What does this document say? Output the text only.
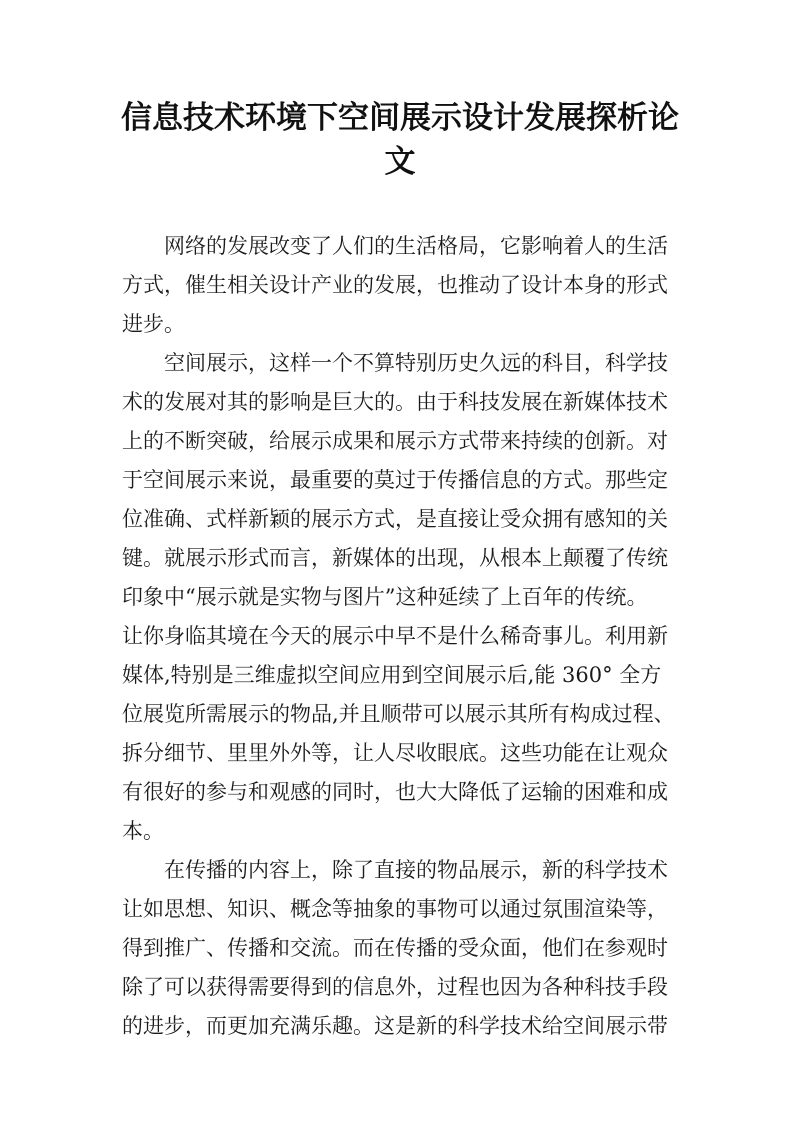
信息技术环境下空间展示设计发展探析论
文

网络的发展改变了人们的生活格局，它影响着人的生活
方式，催生相关设计产业的发展，也推动了设计本身的形式
进步。

空间展示，这样一个不算特别历史久远的科目，科学技
术的发展对其的影响是巨大的。由于科技发展在新媒体技术
上的不断突破，给展示成果和展示方式带来持续的创新。对
于空间展示来说，最重要的莫过于传播信息的方式。那些定
位准确、式样新颖的展示方式，是直接让受众拥有感知的关
键。就展示形式而言，新媒体的出现，从根本上颠覆了传统
印象中“展示就是实物与图片”这种延续了上百年的传统。
让你身临其境在今天的展示中早不是什么稀奇事儿。利用新
媒体,特别是三维虚拟空间应用到空间展示后,能 360° 全方
位展览所需展示的物品,并且顺带可以展示其所有构成过程、
拆分细节、里里外外等，让人尽收眼底。这些功能在让观众
有很好的参与和观感的同时，也大大降低了运输的困难和成
本。

在传播的内容上，除了直接的物品展示，新的科学技术
让如思想、知识、概念等抽象的事物可以通过氛围渲染等，
得到推广、传播和交流。而在传播的受众面，他们在参观时
除了可以获得需要得到的信息外，过程也因为各种科技手段
的进步，而更加充满乐趣。这是新的科学技术给空间展示带
